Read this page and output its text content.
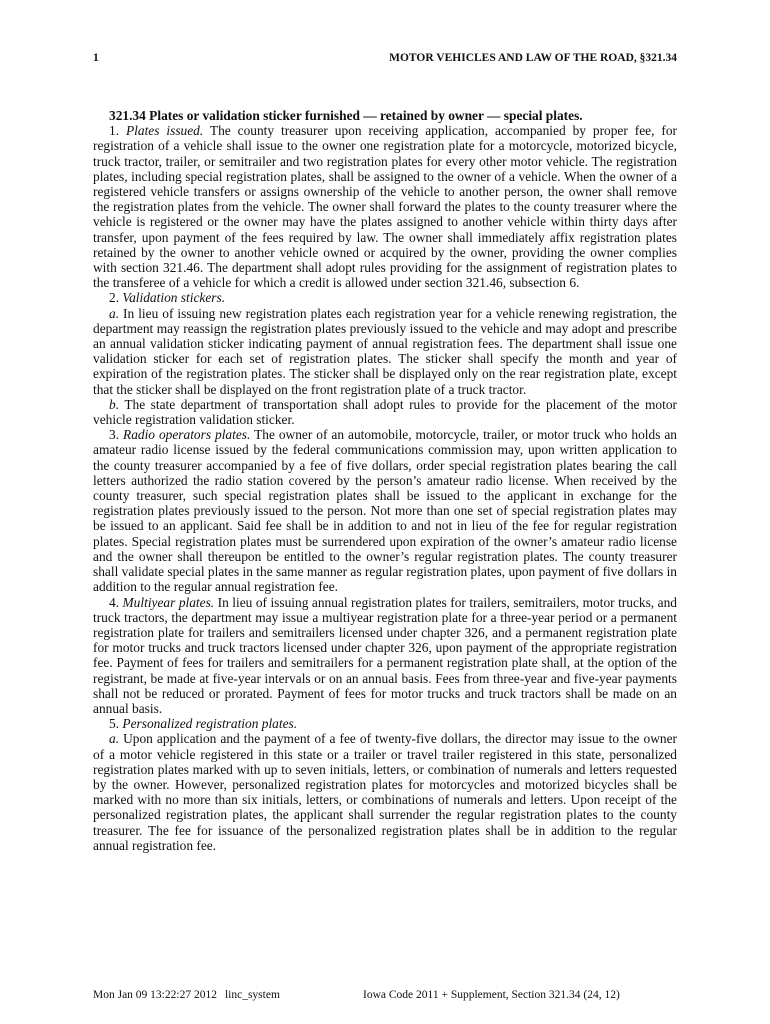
1	MOTOR VEHICLES AND LAW OF THE ROAD, §321.34

321.34 Plates or validation sticker furnished — retained by owner — special plates.

1. Plates issued. The county treasurer upon receiving application, accompanied by proper fee, for registration of a vehicle shall issue to the owner one registration plate for a motorcycle, motorized bicycle, truck tractor, trailer, or semitrailer and two registration plates for every other motor vehicle. The registration plates, including special registration plates, shall be assigned to the owner of a vehicle. When the owner of a registered vehicle transfers or assigns ownership of the vehicle to another person, the owner shall remove the registration plates from the vehicle. The owner shall forward the plates to the county treasurer where the vehicle is registered or the owner may have the plates assigned to another vehicle within thirty days after transfer, upon payment of the fees required by law. The owner shall immediately affix registration plates retained by the owner to another vehicle owned or acquired by the owner, providing the owner complies with section 321.46. The department shall adopt rules providing for the assignment of registration plates to the transferee of a vehicle for which a credit is allowed under section 321.46, subsection 6.

2. Validation stickers.

a. In lieu of issuing new registration plates each registration year for a vehicle renewing registration, the department may reassign the registration plates previously issued to the vehicle and may adopt and prescribe an annual validation sticker indicating payment of annual registration fees. The department shall issue one validation sticker for each set of registration plates. The sticker shall specify the month and year of expiration of the registration plates. The sticker shall be displayed only on the rear registration plate, except that the sticker shall be displayed on the front registration plate of a truck tractor.

b. The state department of transportation shall adopt rules to provide for the placement of the motor vehicle registration validation sticker.

3. Radio operators plates. The owner of an automobile, motorcycle, trailer, or motor truck who holds an amateur radio license issued by the federal communications commission may, upon written application to the county treasurer accompanied by a fee of five dollars, order special registration plates bearing the call letters authorized the radio station covered by the person’s amateur radio license. When received by the county treasurer, such special registration plates shall be issued to the applicant in exchange for the registration plates previously issued to the person. Not more than one set of special registration plates may be issued to an applicant. Said fee shall be in addition to and not in lieu of the fee for regular registration plates. Special registration plates must be surrendered upon expiration of the owner’s amateur radio license and the owner shall thereupon be entitled to the owner’s regular registration plates. The county treasurer shall validate special plates in the same manner as regular registration plates, upon payment of five dollars in addition to the regular annual registration fee.

4. Multiyear plates. In lieu of issuing annual registration plates for trailers, semitrailers, motor trucks, and truck tractors, the department may issue a multiyear registration plate for a three-year period or a permanent registration plate for trailers and semitrailers licensed under chapter 326, and a permanent registration plate for motor trucks and truck tractors licensed under chapter 326, upon payment of the appropriate registration fee. Payment of fees for trailers and semitrailers for a permanent registration plate shall, at the option of the registrant, be made at five-year intervals or on an annual basis. Fees from three-year and five-year payments shall not be reduced or prorated. Payment of fees for motor trucks and truck tractors shall be made on an annual basis.

5. Personalized registration plates.

a. Upon application and the payment of a fee of twenty-five dollars, the director may issue to the owner of a motor vehicle registered in this state or a trailer or travel trailer registered in this state, personalized registration plates marked with up to seven initials, letters, or combination of numerals and letters requested by the owner. However, personalized registration plates for motorcycles and motorized bicycles shall be marked with no more than six initials, letters, or combinations of numerals and letters. Upon receipt of the personalized registration plates, the applicant shall surrender the regular registration plates to the county treasurer. The fee for issuance of the personalized registration plates shall be in addition to the regular annual registration fee.

Mon Jan 09 13:22:27 2012 linc_system	Iowa Code 2011 + Supplement, Section 321.34 (24, 12)
